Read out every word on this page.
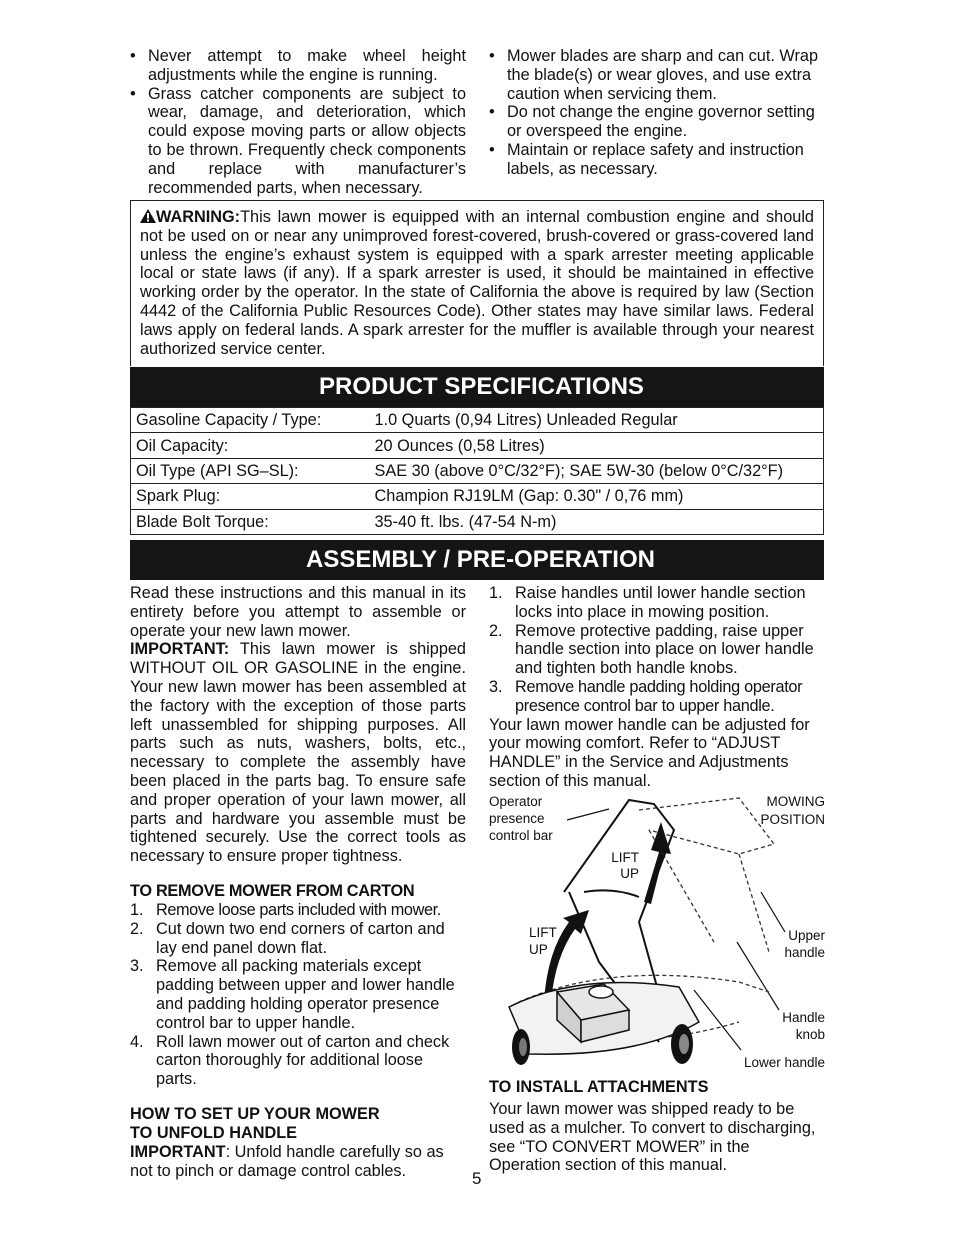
• Never attempt to make wheel height adjustments while the engine is running.
• Grass catcher components are subject to wear, damage, and deterioration, which could expose moving parts or allow objects to be thrown. Frequently check components and replace with manufacturer’s recommended parts, when necessary.
• Mower blades are sharp and can cut. Wrap the blade(s) or wear gloves, and use extra caution when servicing them.
• Do not change the engine governor setting or overspeed the engine.
• Maintain or replace safety and instruction labels, as necessary.
WARNING:This lawn mower is equipped with an internal combustion engine and should not be used on or near any unimproved forest-covered, brush-covered or grass-covered land unless the engine’s exhaust system is equipped with a spark arrester meeting applicable local or state laws (if any). If a spark arrester is used, it should be maintained in effective working order by the operator. In the state of California the above is required by law (Section 4442 of the California Public Resources Code). Other states may have similar laws. Federal laws apply on federal lands. A spark arrester for the muffler is available through your nearest authorized service center.
PRODUCT SPECIFICATIONS
Gasoline Capacity / Type:	1.0 Quarts (0,94 Litres) Unleaded Regular
Oil Capacity:	20 Ounces (0,58 Litres)
Oil Type (API SG–SL):	SAE 30 (above 0°C/32°F); SAE 5W-30 (below 0°C/32°F)
Spark Plug:	Champion RJ19LM (Gap: 0.30" / 0,76 mm)
Blade Bolt Torque:	35-40 ft. lbs. (47-54 N-m)
ASSEMBLY / PRE-OPERATION
Read these instructions and this manual in its entirety before you attempt to assemble or operate your new lawn mower.
IMPORTANT: This lawn mower is shipped WITHOUT OIL OR GASOLINE in the engine. Your new lawn mower has been assembled at the factory with the exception of those parts left unassembled for shipping purposes. All parts such as nuts, washers, bolts, etc., necessary to complete the assembly have been placed in the parts bag. To ensure safe and proper operation of your lawn mower, all parts and hardware you assemble must be tightened securely. Use the correct tools as necessary to ensure proper tightness.
TO REMOVE MOWER FROM CARTON
1. Remove loose parts included with mower.
2. Cut down two end corners of carton and lay end panel down flat.
3. Remove all packing materials except padding between upper and lower handle and padding holding operator presence control bar to upper handle.
4. Roll lawn mower out of carton and check carton thoroughly for additional loose parts.
HOW TO SET UP YOUR MOWER
TO UNFOLD HANDLE
IMPORTANT: Unfold handle carefully so as not to pinch or damage control cables.
1. Raise handles until lower handle section locks into place in mowing position.
2. Remove protective padding, raise upper handle section into place on lower handle and tighten both handle knobs.
3. Remove handle padding holding operator presence control bar to upper handle.
Your lawn mower handle can be adjusted for your mowing comfort. Refer to “ADJUST HANDLE” in the Service and Adjustments section of this manual.
Operator presence control bar
MOWING POSITION
LIFT UP
LIFT UP
Upper handle
Handle knob
Lower handle
TO INSTALL ATTACHMENTS
Your lawn mower was shipped ready to be used as a mulcher. To convert to discharging, see “TO CONVERT MOWER” in the Operation section of this manual.
5
